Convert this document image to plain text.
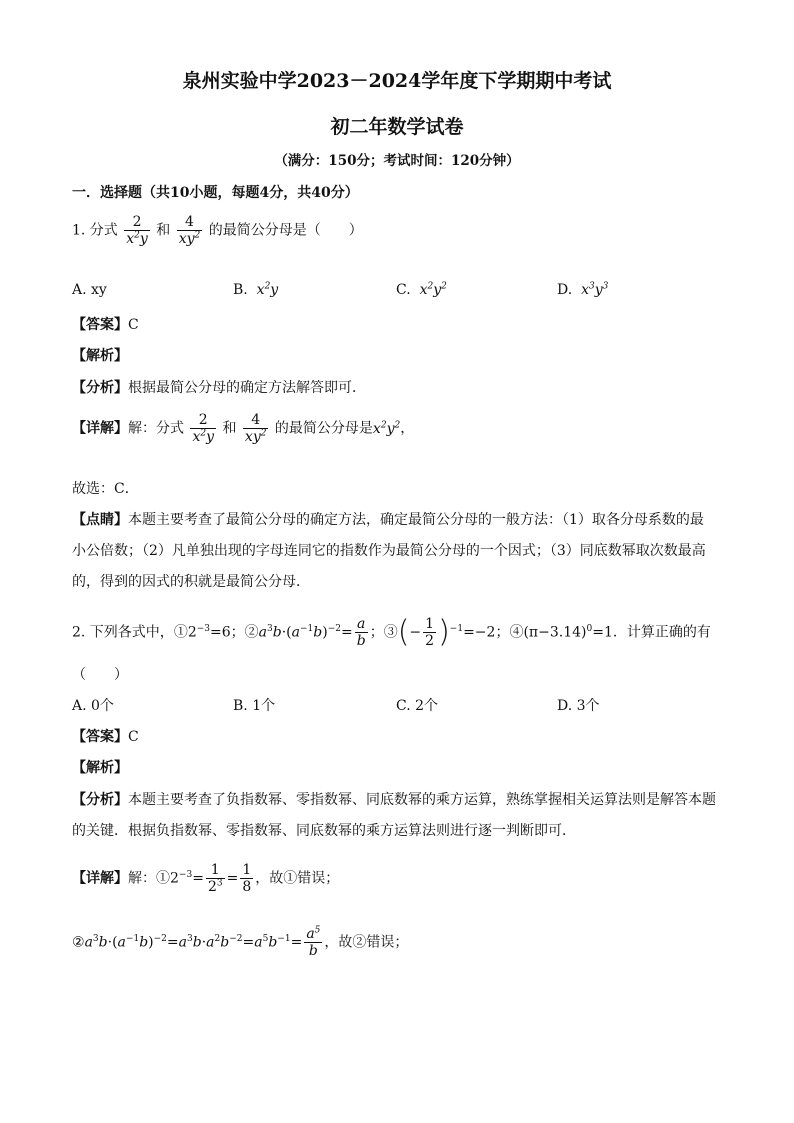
泉州实验中学2023－2024学年度下学期期中考试
初二年数学试卷
（满分：150分；考试时间：120分钟）
一．选择题（共10小题，每题4分，共40分）
1. 分式 $\frac{2}{x^2y}$ 和 $\frac{4}{xy^2}$ 的最简公分母是（　　）
A. xy	B. $x^2y$	C. $x^2y^2$	D. $x^3y^3$
【答案】C
【解析】
【分析】根据最简公分母的确定方法解答即可．
【详解】解：分式 $\frac{2}{x^2y}$ 和 $\frac{4}{xy^2}$ 的最简公分母是$x^2y^2$，
故选：C．
【点睛】本题主要考查了最简公分母的确定方法，确定最简公分母的一般方法：（1）取各分母系数的最
小公倍数；（2）凡单独出现的字母连同它的指数作为最简公分母的一个因式；（3）同底数幂取次数最高
的，得到的因式的积就是最简公分母．
2. 下列各式中，$①2^{-3}=6$；$②a^3b\cdot(a^{-1}b)^{-2}= \frac{a}{b}$ ；③(− $\frac{1}{2} )^{-1}=-2$；$④(\pi-3.14)^0=1$．计算正确的有
（　　）
A. 0个	B. 1个	C. 2个	D. 3个
【答案】C
【解析】
【分析】本题主要考查了负指数幂、零指数幂、同底数幂的乘方运算，熟练掌握相关运算法则是解答本题
的关键．根据负指数幂、零指数幂、同底数幂的乘方运算法则进行逐一判断即可．
【详解】解：$①2^{-3}= \frac{1}{2^3} = \frac{1}{8}$ ，故①错误；
$②a^3b\cdot(a^{-1}b)^{-2}=a^3b\cdot a^2b^{-2}=a^5b^{-1}= \frac{a^5}{b}$ ，故②错误；
